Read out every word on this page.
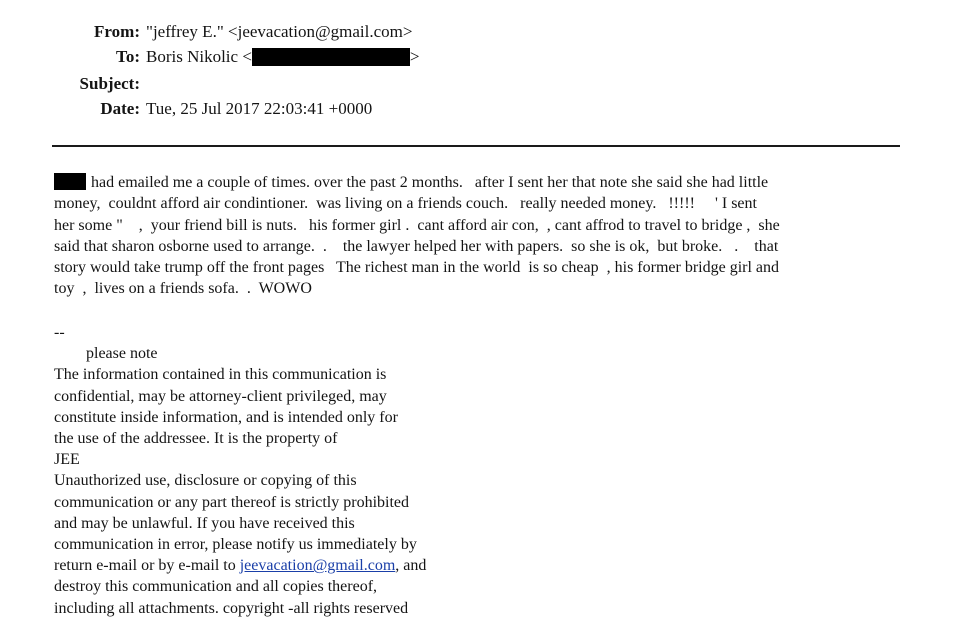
From: "jeffrey E." <jeevacation@gmail.com>
To: Boris Nikolic <	>
Subject:
Date: Tue, 25 Jul 2017 22:03:41 +0000
had emailed me a couple of times. over the past 2 months.   after I sent her that note she said she had little
money,  couldnt afford air condintioner.  was living on a friends couch.   really needed money.   !!!!!     ' I sent
her some "    ,  your friend bill is nuts.   his former girl .  cant afford air con,  , cant affrod to travel to bridge ,  she
said that sharon osborne used to arrange.  .    the lawyer helped her with papers.  so she is ok,  but broke.   .    that
story would take trump off the front pages   The richest man in the world  is so cheap  , his former bridge girl and
toy  ,  lives on a friends sofa.  .  WOWO
--
please note
The information contained in this communication is
confidential, may be attorney-client privileged, may
constitute inside information, and is intended only for
the use of the addressee. It is the property of
JEE
Unauthorized use, disclosure or copying of this
communication or any part thereof is strictly prohibited
and may be unlawful. If you have received this
communication in error, please notify us immediately by
return e-mail or by e-mail to jeevacation@gmail.com, and
destroy this communication and all copies thereof,
including all attachments. copyright -all rights reserved
